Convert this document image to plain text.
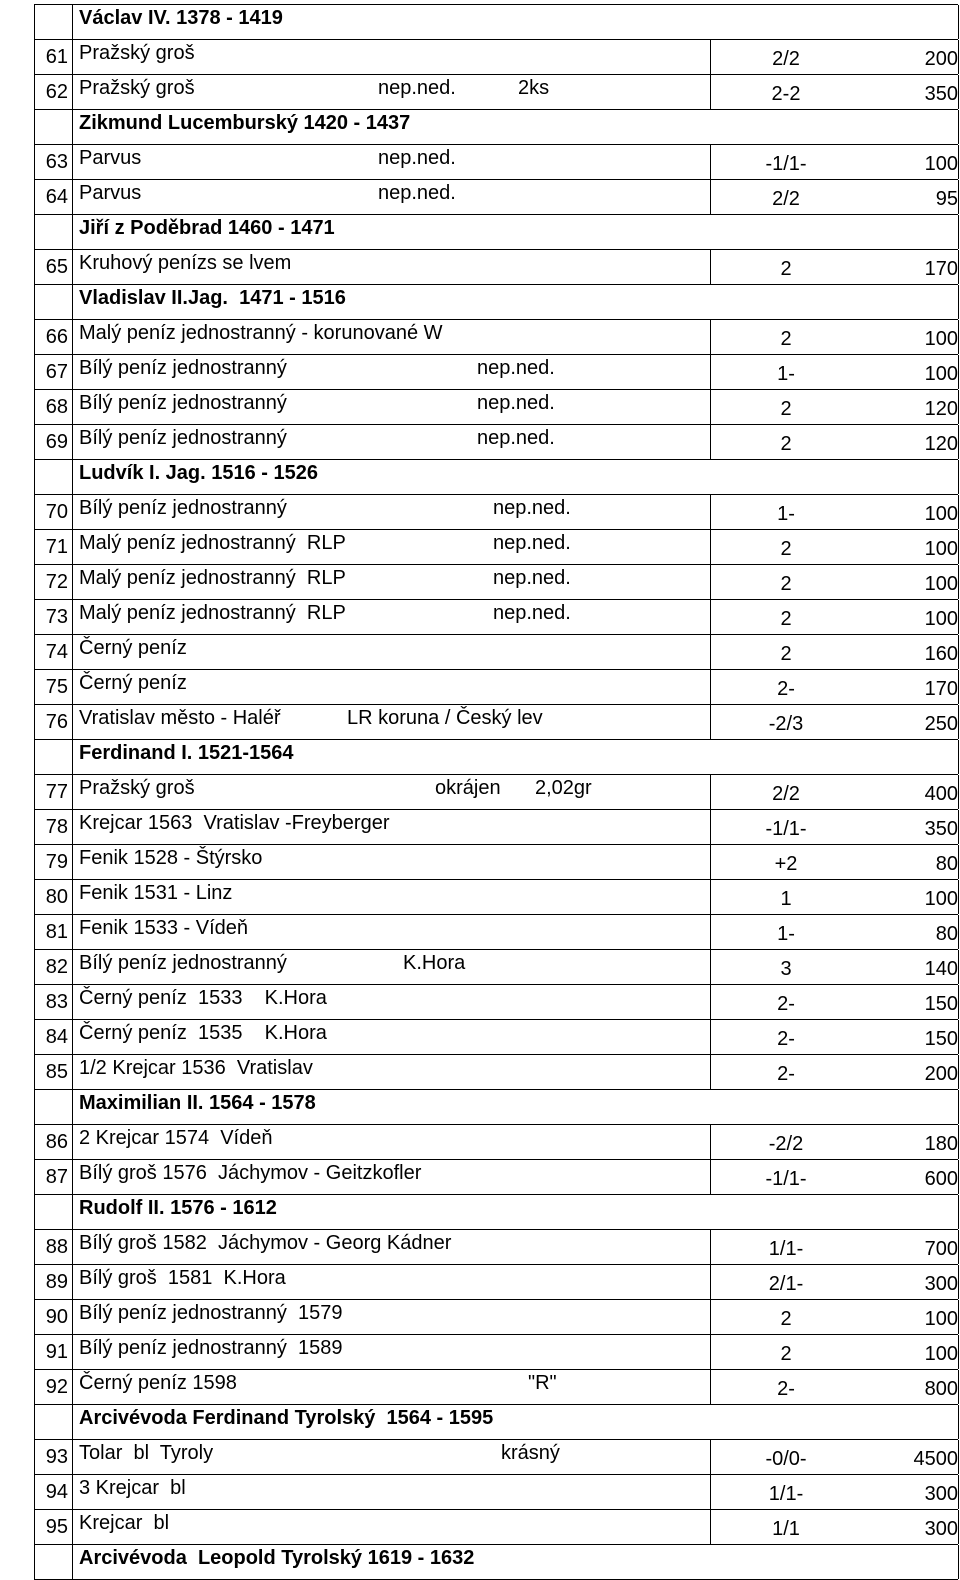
Václav IV. 1378 - 1419
61 Pražský groš	2/2	200
62 Pražský groš	nep.ned.	2ks	2-2	350
Zikmund Lucemburský 1420 - 1437
63 Parvus	nep.ned.	-1/1-	100
64 Parvus	nep.ned.	2/2	95
Jiří z Poděbrad 1460 - 1471
65 Kruhový penízs se lvem	2	170
Vladislav II.Jag.  1471 - 1516
66 Malý peníz jednostranný - korunované W	2	100
67 Bílý peníz jednostranný	nep.ned.	1-	100
68 Bílý peníz jednostranný	nep.ned.	2	120
69 Bílý peníz jednostranný	nep.ned.	2	120
Ludvík I. Jag. 1516 - 1526
70 Bílý peníz jednostranný	nep.ned.	1-	100
71 Malý peníz jednostranný  RLP	nep.ned.	2	100
72 Malý peníz jednostranný  RLP	nep.ned.	2	100
73 Malý peníz jednostranný  RLP	nep.ned.	2	100
74 Černý peníz	2	160
75 Černý peníz	2-	170
76 Vratislav město - Haléř	LR koruna / Český lev	-2/3	250
Ferdinand I. 1521-1564
77 Pražský groš	okrájen 2,02gr	2/2	400
78 Krejcar 1563  Vratislav -Freyberger	-1/1-	350
79 Fenik 1528 - Štýrsko	+2	80
80 Fenik 1531 - Linz	1	100
81 Fenik 1533 - Vídeň	1-	80
82 Bílý peníz jednostranný	K.Hora	3	140
83 Černý peníz  1533    K.Hora	2-	150
84 Černý peníz  1535    K.Hora	2-	150
85 1/2 Krejcar 1536  Vratislav	2-	200
Maximilian II. 1564 - 1578
86 2 Krejcar 1574  Vídeň	-2/2	180
87 Bílý groš 1576  Jáchymov - Geitzkofler	-1/1-	600
Rudolf II. 1576 - 1612
88 Bílý groš 1582  Jáchymov - Georg Kádner	1/1-	700
89 Bílý groš  1581  K.Hora	2/1-	300
90 Bílý peníz jednostranný  1579	2	100
91 Bílý peníz jednostranný  1589	2	100
92 Černý peníz 1598	"R"	2-	800
Arcivévoda Ferdinand Tyrolský  1564 - 1595
93 Tolar  bl  Tyroly	krásný	-0/0-	4500
94 3 Krejcar  bl	1/1-	300
95 Krejcar  bl	1/1	300
Arcivévoda  Leopold Tyrolský 1619 - 1632
